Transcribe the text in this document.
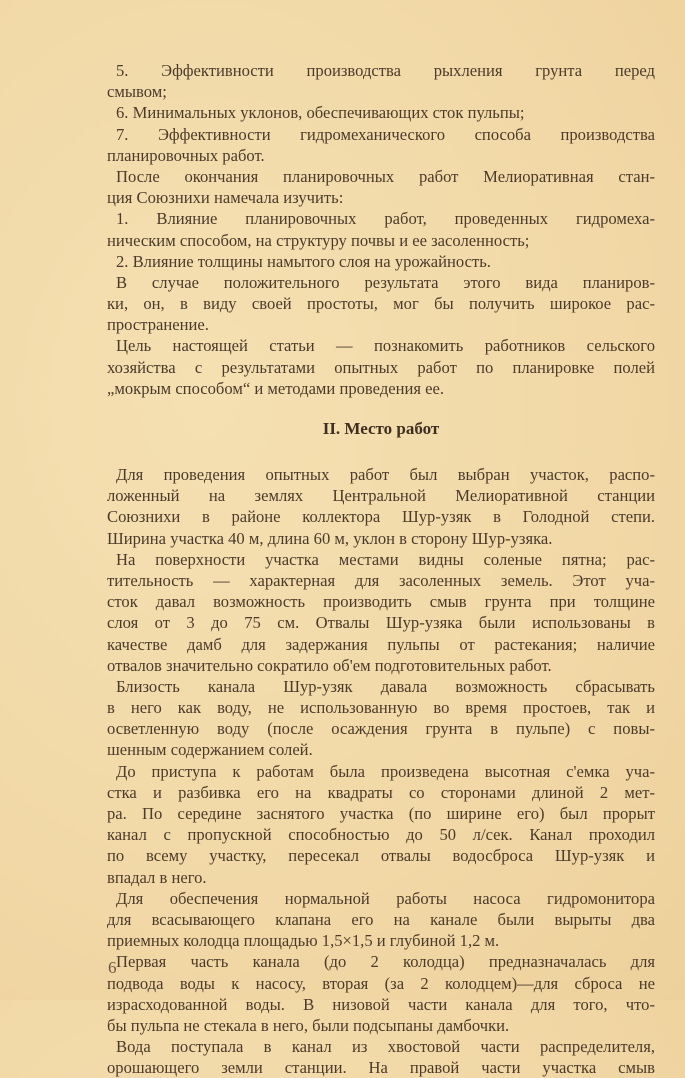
5. Эффективности производства рыхления грунта перед
смывом;
6. Минимальных уклонов, обеспечивающих сток пульпы;
7. Эффективности гидромеханического способа производства
планировочных работ.
После окончания планировочных работ Мелиоративная стан-
ция Союзнихи намечала изучить:
1. Влияние планировочных работ, проведенных гидромеха-
ническим способом, на структуру почвы и ее засоленность;
2. Влияние толщины намытого слоя на урожайность.
В случае положительного результата этого вида планиров-
ки, он, в виду своей простоты, мог бы получить широкое рас-
пространение.
Цель настоящей статьи — познакомить работников сельского
хозяйства с результатами опытных работ по планировке полей
„мокрым способом“ и методами проведения ее.
II. Место работ
Для проведения опытных работ был выбран участок, распо-
ложенный на землях Центральной Мелиоративной станции
Союзнихи в районе коллектора Шур-узяк в Голодной степи.
Ширина участка 40 м, длина 60 м, уклон в сторону Шур-узяка.
На поверхности участка местами видны соленые пятна; рас-
тительность — характерная для засоленных земель. Этот уча-
сток давал возможность производить смыв грунта при толщине
слоя от 3 до 75 см. Отвалы Шур-узяка были использованы в
качестве дамб для задержания пульпы от растекания; наличие
отвалов значительно сократило об'ем подготовительных работ.
Близость канала Шур-узяк давала возможность сбрасывать
в него как воду, не использованную во время простоев, так и
осветленную воду (после осаждения грунта в пульпе) с повы-
шенным содержанием солей.
До приступа к работам была произведена высотная с'емка уча-
стка и разбивка его на квадраты со сторонами длиной 2 мет-
ра. По середине заснятого участка (по ширине его) был прорыт
канал с пропускной способностью до 50 л/сек. Канал проходил
по всему участку, пересекал отвалы водосброса Шур-узяк и
впадал в него.
Для обеспечения нормальной работы насоса гидромонитора
для всасывающего клапана его на канале были вырыты два
приемных колодца площадью 1,5×1,5 и глубиной 1,2 м.
Первая часть канала (до 2 колодца) предназначалась для
подвода воды к насосу, вторая (за 2 колодцем)—для сброса не
израсходованной воды. В низовой части канала для того, что-
бы пульпа не стекала в него, были подсыпаны дамбочки.
Вода поступала в канал из хвостовой части распределителя,
орошающего земли станции. На правой части участка смыв
6
